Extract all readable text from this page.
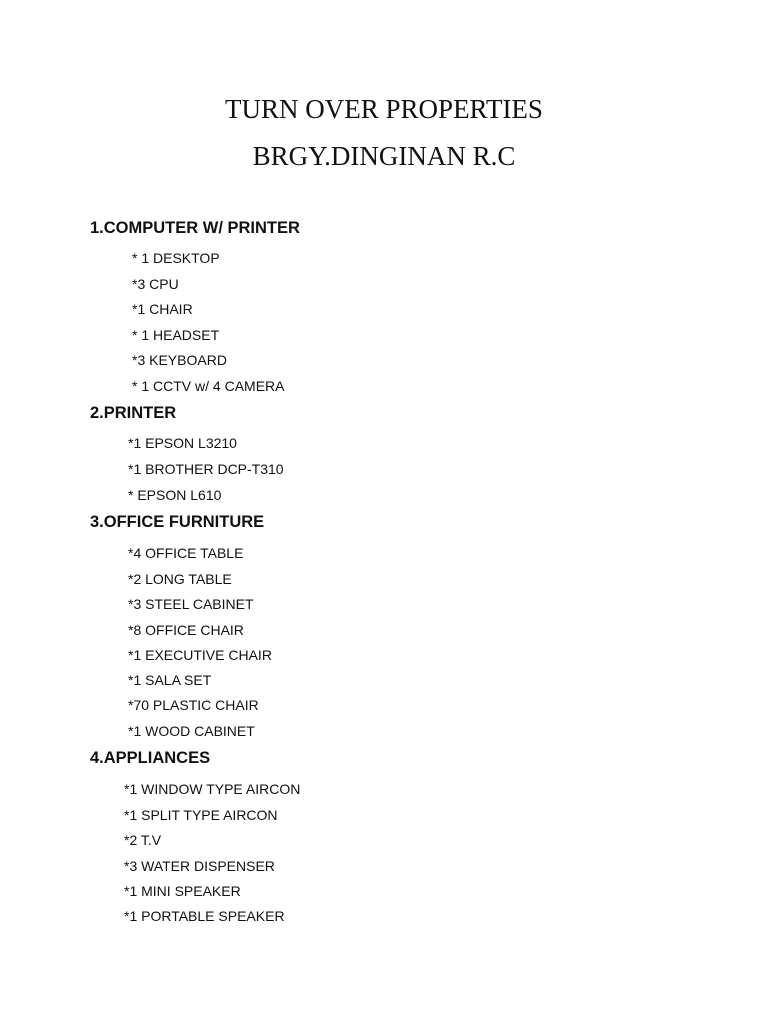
TURN OVER PROPERTIES
BRGY.DINGINAN R.C
1.COMPUTER W/ PRINTER
* 1 DESKTOP
*3 CPU
*1 CHAIR
* 1 HEADSET
*3 KEYBOARD
* 1 CCTV w/ 4 CAMERA
2.PRINTER
*1 EPSON L3210
*1 BROTHER DCP-T310
* EPSON L610
3.OFFICE FURNITURE
*4 OFFICE TABLE
*2 LONG TABLE
*3 STEEL CABINET
*8 OFFICE CHAIR
*1 EXECUTIVE CHAIR
*1 SALA SET
*70 PLASTIC CHAIR
*1 WOOD CABINET
4.APPLIANCES
*1 WINDOW TYPE AIRCON
*1 SPLIT TYPE AIRCON
*2 T.V
*3 WATER DISPENSER
*1 MINI SPEAKER
*1 PORTABLE SPEAKER
